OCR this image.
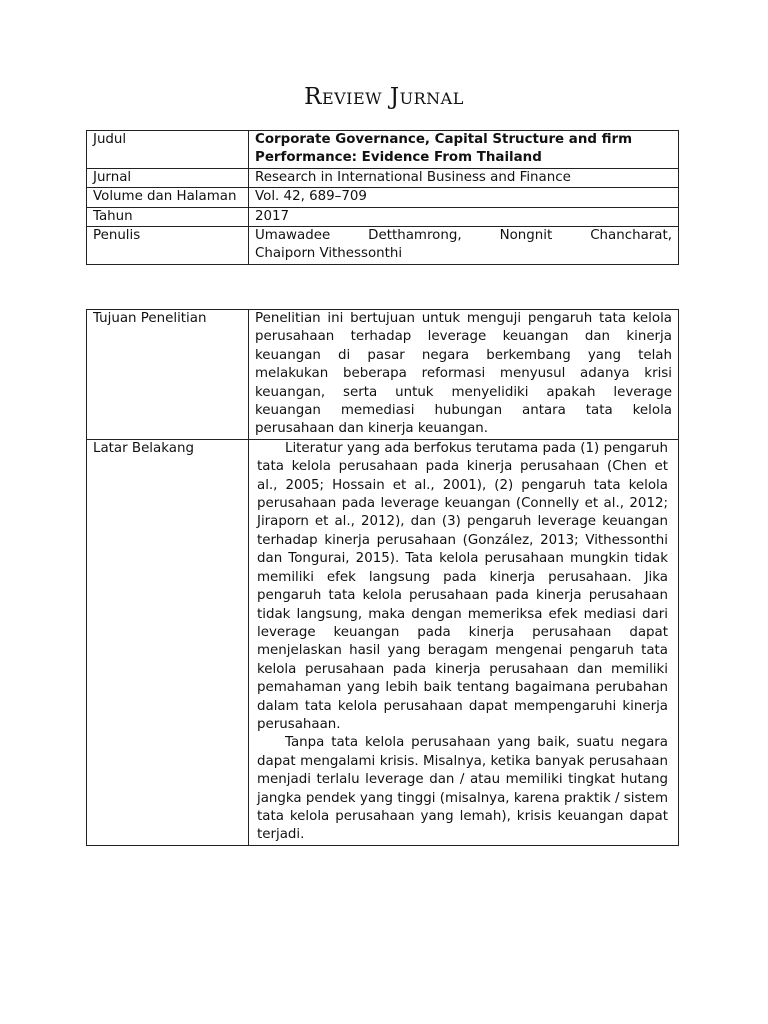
Review Jurnal
Judul	Corporate Governance, Capital Structure and firm Performance: Evidence From Thailand
Jurnal	Research in International Business and Finance
Volume dan Halaman	Vol. 42, 689–709
Tahun	2017
Penulis	Umawadee Detthamrong, Nongnit Chancharat,
Chaiporn Vithessonthi
Tujuan Penelitian	Penelitian ini bertujuan untuk menguji pengaruh tata kelola perusahaan terhadap leverage keuangan dan kinerja keuangan di pasar negara berkembang yang telah melakukan beberapa reformasi menyusul adanya krisi keuangan, serta untuk menyelidiki apakah leverage keuangan memediasi hubungan antara tata kelola perusahaan dan kinerja keuangan.
Latar Belakang	Literatur yang ada berfokus terutama pada (1) pengaruh tata kelola perusahaan pada kinerja perusahaan (Chen et al., 2005; Hossain et al., 2001), (2) pengaruh tata kelola perusahaan pada leverage keuangan (Connelly et al., 2012; Jiraporn et al., 2012), dan (3) pengaruh leverage keuangan terhadap kinerja perusahaan (González, 2013; Vithessonthi dan Tongurai, 2015). Tata kelola perusahaan mungkin tidak memiliki efek langsung pada kinerja perusahaan. Jika pengaruh tata kelola perusahaan pada kinerja perusahaan tidak langsung, maka dengan memeriksa efek mediasi dari leverage keuangan pada kinerja perusahaan dapat menjelaskan hasil yang beragam mengenai pengaruh tata kelola perusahaan pada kinerja perusahaan dan memiliki pemahaman yang lebih baik tentang bagaimana perubahan dalam tata kelola perusahaan dapat mempengaruhi kinerja perusahaan.

Tanpa tata kelola perusahaan yang baik, suatu negara dapat mengalami krisis. Misalnya, ketika banyak perusahaan menjadi terlalu leverage dan / atau memiliki tingkat hutang jangka pendek yang tinggi (misalnya, karena praktik / sistem tata kelola perusahaan yang lemah), krisis keuangan dapat terjadi.
